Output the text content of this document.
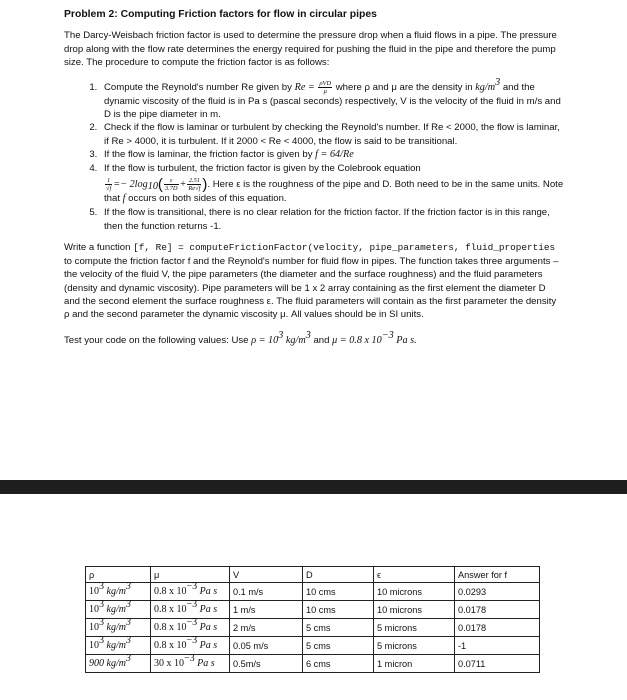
Problem 2: Computing Friction factors for flow in circular pipes

The Darcy-Weisbach friction factor is used to determine the pressure drop when a fluid flows in a pipe. The pressure drop along with the flow rate determines the energy required for pushing the fluid in the pipe and therefore the pump size. The procedure to compute the friction factor is as follows:

1. Compute the Reynold's number Re given by $Re = \frac{\text{ρVD}}{\mu}$ where ρ and μ are the density in $kg/m^3$ and the dynamic viscosity of the fluid is in Pa s (pascal seconds) respectively, V is the velocity of the fluid in m/s and D is the pipe diameter in m.
2. Check if the flow is laminar or turbulent by checking the Reynold's number. If Re < 2000, the flow is laminar, if Re > 4000, it is turbulent. If it 2000 < Re < 4000, the flow is said to be transitional.
3. If the flow is laminar, the friction factor is given by f = 64/Re
4. If the flow is turbulent, the friction factor is given by the Colebrook equation
$\frac{1}{√f} =- 2\log_{10}( \frac{\varepsilon}{3.7D} + \frac{2.51}{Re√f}$ ). Here ε is the roughness of the pipe and D. Both need to be in the same units. Note that f occurs on both sides of this equation.
5. If the flow is transitional, there is no clear relation for the friction factor. If the friction factor is in this range, then the function returns -1.

Write a function [f, Re] = computeFrictionFactor(velocity, pipe_parameters, fluid_properties to compute the friction factor f and the Reynold's number for fluid flow in pipes. The function takes three arguments – the velocity of the fluid V, the pipe parameters (the diameter and the surface roughness) and the fluid parameters (density and dynamic viscosity). Pipe parameters will be 1 x 2 array containing as the first element the diameter D and the second element the surface roughness ε. The fluid parameters will contain as the first parameter the density ρ and the second parameter the dynamic viscosity μ. All values should be in SI units.

Test your code on the following values: Use $\rho = 10^3$ $kg/m^3$ and μ = 0.8 x $10^{-3}$ Pa s.

ρ	μ	V	D	ϵ	Answer for f
$10^3$ $kg/m^3$	0.8 x $10^{-3}$ Pa s	0.1 m/s	10 cms	10 microns	0.0293
$10^3$ $kg/m^3$	0.8 x $10^{-3}$ Pa s	1 m/s	10 cms	10 microns	0.0178
$10^3$ $kg/m^3$	0.8 x $10^{-3}$ Pa s	2 m/s	5 cms	5 microns	0.0178
$10^3$ $kg/m^3$	0.8 x $10^{-3}$ Pa s	0.05 m/s	5 cms	5 microns	-1
900 $kg/m^3$	30 x $10^{-3}$ Pa s	0.5m/s	6 cms	1 micron	0.0711
